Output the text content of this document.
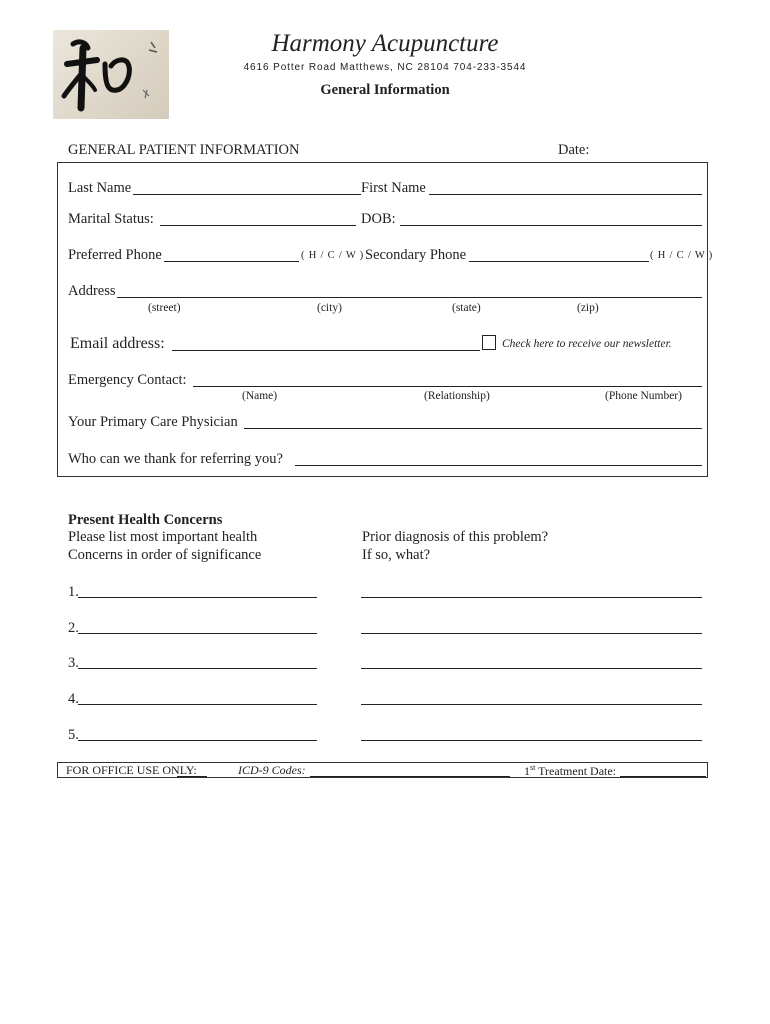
Harmony Acupuncture
4616 Potter Road Matthews, NC 28104 704-233-3544
General Information
GENERAL PATIENT INFORMATION	Date:
Last Name	First Name
Marital Status:	DOB:
Preferred Phone	( H / C / W ) Secondary Phone	( H / C / W )
Address
(street)	(city)	(state)	(zip)
Email address:	Check here to receive our newsletter.
Emergency Contact:
(Name)	(Relationship)	(Phone Number)
Your Primary Care Physician
Who can we thank for referring you?
Present Health Concerns
Please list most important health
Concerns in order of significance
Prior diagnosis of this problem?
If so, what?
1.
2.
3.
4.
5.
FOR OFFICE USE ONLY:	ICD-9 Codes:	1st Treatment Date:
